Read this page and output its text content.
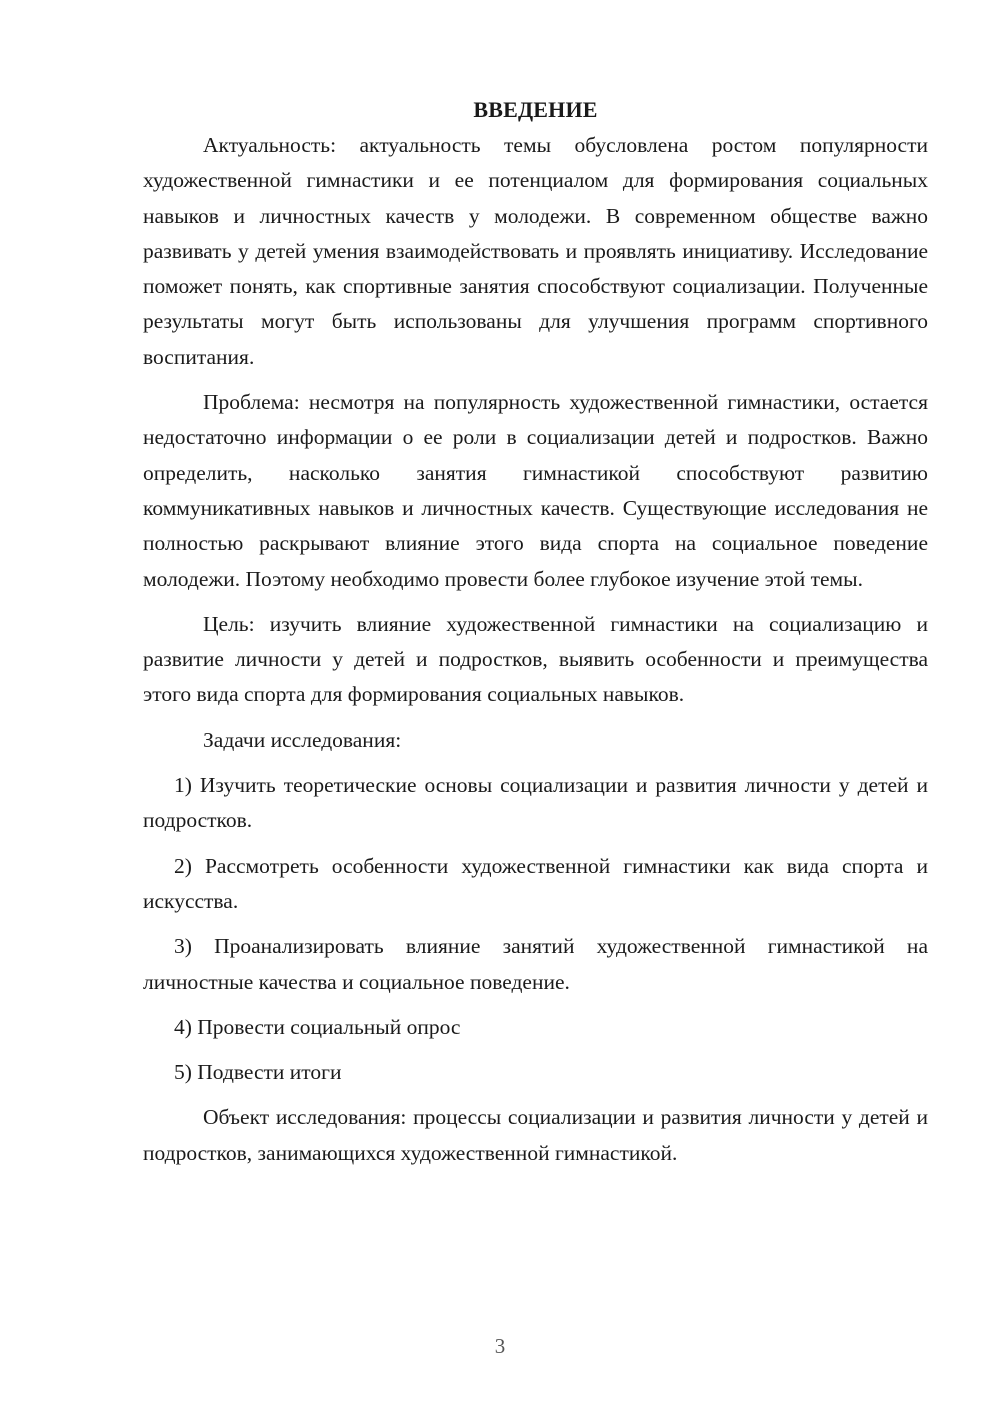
ВВЕДЕНИЕ

Актуальность: актуальность темы обусловлена ростом популярности художественной гимнастики и ее потенциалом для формирования социальных навыков и личностных качеств у молодежи. В современном обществе важно развивать у детей умения взаимодействовать и проявлять инициативу. Исследование поможет понять, как спортивные занятия способствуют социализации. Полученные результаты могут быть использованы для улучшения программ спортивного воспитания.

Проблема: несмотря на популярность художественной гимнастики, остается недостаточно информации о ее роли в социализации детей и подростков. Важно определить, насколько занятия гимнастикой способствуют развитию коммуникативных навыков и личностных качеств. Существующие исследования не полностью раскрывают влияние этого вида спорта на социальное поведение молодежи. Поэтому необходимо провести более глубокое изучение этой темы.

Цель: изучить влияние художественной гимнастики на социализацию и развитие личности у детей и подростков, выявить особенности и преимущества этого вида спорта для формирования социальных навыков.

Задачи исследования:

1) Изучить теоретические основы социализации и развития личности у детей и подростков.

2) Рассмотреть особенности художественной гимнастики как вида спорта и искусства.

3) Проанализировать влияние занятий художественной гимнастикой на личностные качества и социальное поведение.

4) Провести социальный опрос

5) Подвести итоги

Объект исследования: процессы социализации и развития личности у детей и подростков, занимающихся художественной гимнастикой.

3
